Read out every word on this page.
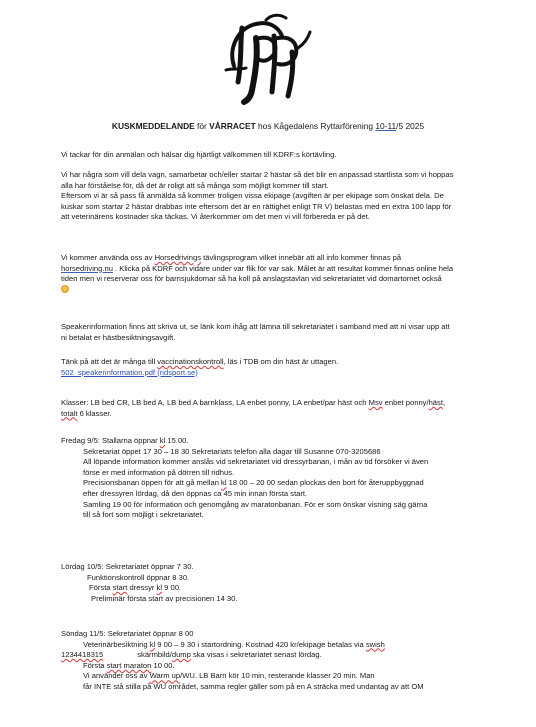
KUSKMEDDELANDE för VÅRRACET hos Kågedalens Ryttarförening 10-11/5 2025
Vi tackar för din anmälan och hälsar dig hjärtligt välkommen till KDRF:s körtävling.
Vi har några som vill dela vagn, samarbetar och/eller startar 2 hästar så det blir en anpassad startlista som vi hoppas
alla har förståelse för, då det är roligt att så många som möjligt kommer till start.
Eftersom vi är så pass få anmälda så kommer troligen vissa ekipage (avgiften är per ekipage som önskat dela. De
kuskar som startar 2 hästar drabbas inte eftersom det är en rättighet enligt TR V) belastas med en extra 100 lapp för
att veterinärens kostnader ska täckas. Vi återkommer om det men vi vill förbereda er på det.
Vi kommer använda oss av Horsedrivings tävlingsprogram vilket innebär att all info kommer finnas på
horsedriving.nu . Klicka på KDRF och vidare under var flik för var sak. Målet är att resultat kommer finnas online hela
tiden men vi reserverar oss för barnsjukdomar så ha koll på anslagstavlan vid sekretariatet vid domartornet också
Speakerinformation finns att skriva ut, se länk kom ihåg att lämna till sekretariatet i samband med att ni visar upp att
ni betalat er hästbesiktningsavgift.
Tänk på att det är många till vaccinationskontroll, läs i TDB om din häst är uttagen.
502_speakerinformation.pdf (ridsport.se)
Klasser: LB bed CR, LB bed A, LB bed A barnklass, LA enbet ponny, LA enbet/par häst och Msv enbet ponny/häst,
totalt 6 klasser.
Fredag 9/5: Stallarna öppnar kl 15 00.
Sekretariat öppet 17 30 – 18 30 Sekretariats telefon alla dagar till Susanne 070-3205686
All löpande information kommer anslås vid sekretariatet vid dressyrbanan, i mån av tid försöker vi även
förse er med information på dörren till ridhus.
Precisionsbanan öppen för att gå mellan kl 18 00 – 20 00 sedan plockas den bort för återuppbyggnad
efter dressyren lördag, då den öppnas ca 45 min innan första start.
Samling 19 00 för information och genomgång av maratonbanan. För er som önskar visning säg gärna
till så fort som möjligt i sekretariatet.
Lördag 10/5: Sekretariatet öppnar 7 30.
Funktionskontroll öppnar 8 30.
Första start dressyr kl 9 00.
Preliminär första start av precisionen 14 30.
Söndag 11/5: Sekretariatet öppnar 8 00
Veterinärbesiktning kl 9 00 – 9 30 i startordning. Kostnad 420 kr/ekipage betalas via swish
1234418315	skärmbild/dump ska visas i sekretariatet senast lördag.
Första start maraton 10 00.
Vi använder oss av Warm up/WU. LB Barn kör 10 min, resterande klasser 20 min. Man
får INTE stå stilla på WU området, samma regler gäller som på en A sträcka med undantag av att OM
